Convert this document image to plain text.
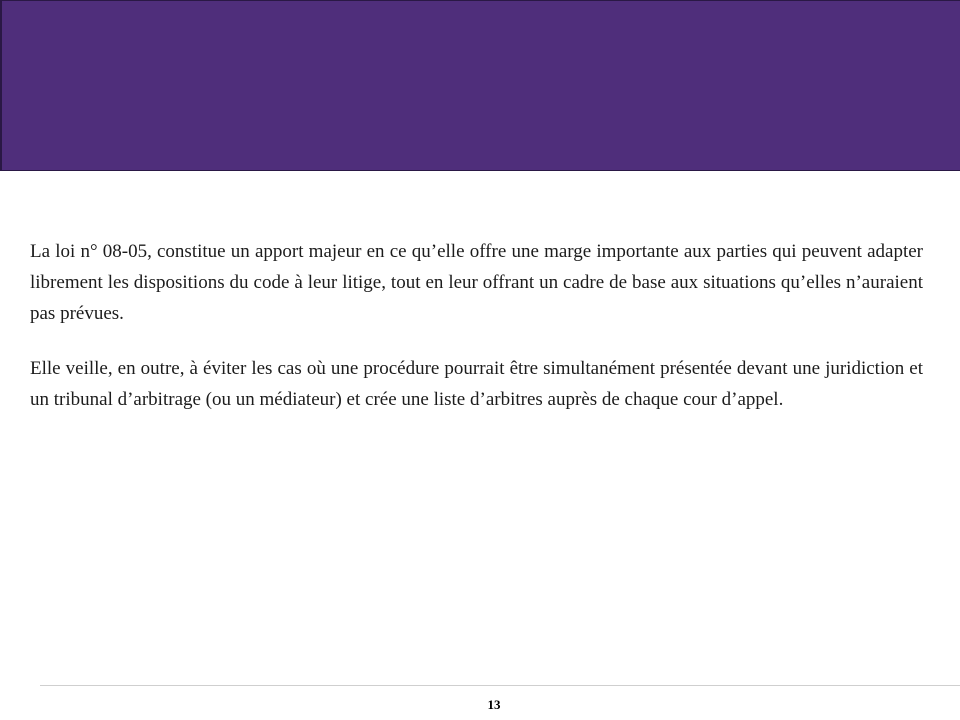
La loi n° 08-05, constitue un apport majeur en ce qu’elle offre une marge importante aux parties qui peuvent adapter librement les dispositions du code à leur litige, tout en leur offrant un cadre de base aux situations qu’elles n’auraient pas prévues.

Elle veille, en outre, à éviter les cas où une procédure pourrait être simultanément présentée devant une juridiction et un tribunal d’arbitrage (ou un médiateur) et crée une liste d’arbitres auprès de chaque cour d’appel.

13
